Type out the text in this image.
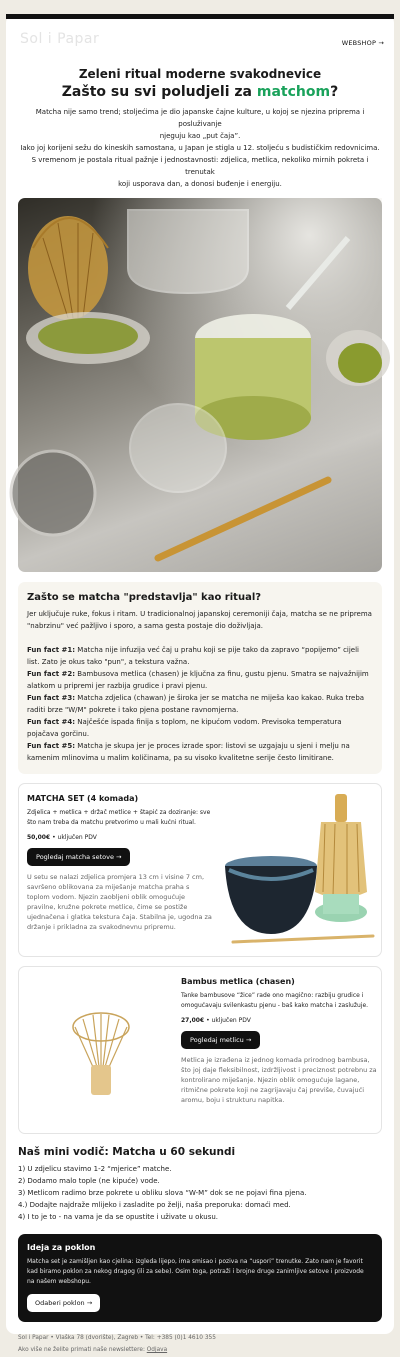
Sol i Papar	WEBSHOP →
Zeleni ritual moderne svakodnevice
Zašto su svi poludjeli za matchom?
Matcha nije samo trend; stoljećima je dio japanske čajne kulture, u kojoj se njezina priprema i posluživanje
njeguju kao „put čaja”.
Iako joj korijeni sežu do kineskih samostana, u Japan je stigla u 12. stoljeću s budističkim redovnicima.
S vremenom je postala ritual pažnje i jednostavnosti: zdjelica, metlica, nekoliko mirnih pokreta i trenutak
koji usporava dan, a donosi buđenje i energiju.
Zašto se matcha "predstavlja" kao ritual?

Jer uključuje ruke, fokus i ritam. U tradicionalnoj japanskoj ceremoniji čaja, matcha se ne priprema "nabrzinu" već pažljivo i sporo, a sama gesta postaje dio doživljaja.

Fun fact #1: Matcha nije infuzija već čaj u prahu koji se pije tako da zapravo “popijemo” cijeli list. Zato je okus tako "pun", a tekstura važna.

Fun fact #2: Bambusova metlica (chasen) je ključna za finu, gustu pjenu. Smatra se najvažnijim alatkom u pripremi jer razbija grudice i pravi pjenu.

Fun fact #3: Matcha zdjelica (chawan) je široka jer se matcha ne miješa kao kakao. Ruka treba raditi brze "W/M" pokrete i tako pjena postane ravnomjerna.

Fun fact #4: Najčešće ispada finija s toplom, ne kipućom vodom. Previsoka temperatura pojačava gorčinu.

Fun fact #5: Matcha je skupa jer je proces izrade spor: listovi se uzgajaju u sjeni i melju na kamenim mlinovima u malim količinama, pa su visoko kvalitetne serije često limitirane.

MATCHA SET (4 komada)
Zdjelica + metlica + držač metlice + štapić za doziranje: sve što nam treba da matchu pretvorimo u mali kućni ritual.
50,00€ • uključen PDV
Pogledaj matcha setove →
U setu se nalazi zdjelica promjera 13 cm i visine 7 cm, savršeno oblikovana za miješanje matcha praha s toplom vodom. Njezin zaobljeni oblik omogućuje pravilne, kružne pokrete metlice, čime se postiže ujednačena i glatka tekstura čaja. Stabilna je, ugodna za držanje i prikladna za svakodnevnu pripremu.
Bambus metlica (chasen)
Tanke bambusove “žice” rade ono magično: razbiju grudice i omogućavaju svilenkastu pjenu - baš kako matcha i zaslužuje.
27,00€ • uključen PDV
Pogledaj metlicu →
Metlica je izrađena iz jednog komada prirodnog bambusa, što joj daje fleksibilnost, izdržljivost i preciznost potrebnu za kontrolirano miješanje. Njezin oblik omogućuje lagane, ritmične pokrete koji ne zagrijavaju čaj previše, čuvajući aromu, boju i strukturu napitka.
Naš mini vodič: Matcha u 60 sekundi

1) U zdjelicu stavimo 1-2 “mjerice” matche.

2) Dodamo malo tople (ne kipuće) vode.

3) Metlicom radimo brze pokrete u obliku slova “W-M” dok se ne pojavi fina pjena.

4.) Dodajte najdraže mlijeko i zasladite po želji, naša preporuka: domaći med.

4) I to je to - na vama je da se opustite i uživate u okusu.

Ideja za poklon

Matcha set je zamišljen kao cjelina: izgleda lijepo, ima smisao i poziva na “uspori” trenutke. Zato nam je favorit kad biramo poklon za nekog dragog (ili za sebe). Osim toga, potraži i brojne druge zanimljive setove i proizvode na našem webshopu.

Odaberi poklon →
Sol i Papar • Vlaška 78 (dvorište), Zagreb • Tel: +385 (0)1 4610 355
Ako više ne želite primati naše newslettere: Odjava
